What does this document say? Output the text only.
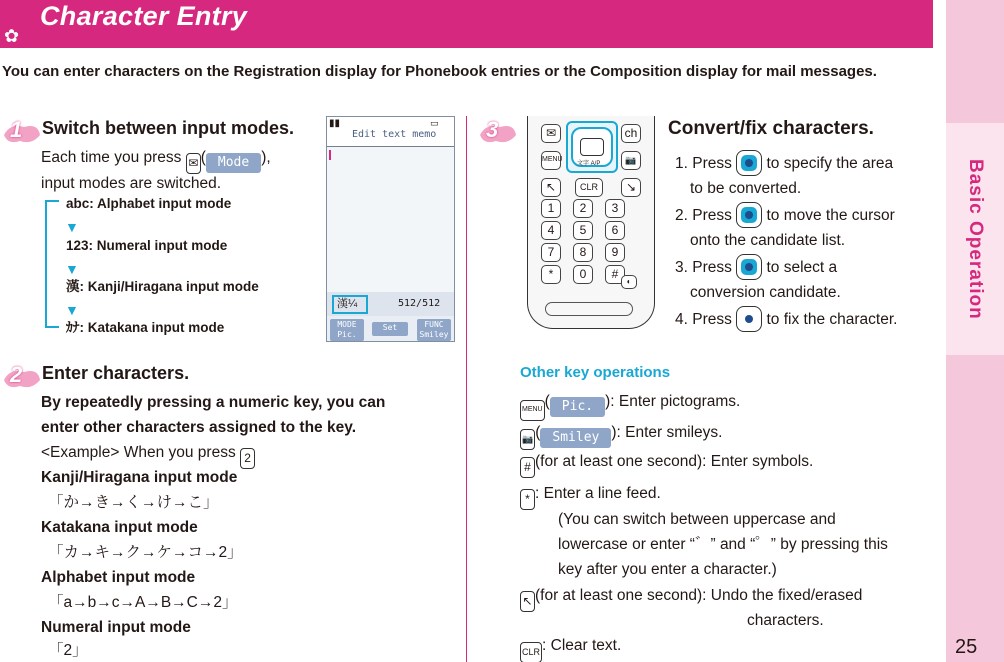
✿
Character Entry
Basic Operation
25
You can enter characters on the Registration display for Phonebook entries or the Composition display for mail messages.
1 Switch between input modes.
Each time you press ✉ ( Mode ),
input modes are switched.
abc: Alphabet input mode
▼
123: Numeral input mode
▼
漢: Kanji/Hiragana input mode
▼
ｶﾅ: Katakana input mode
▮▮	▭
Edit text memo
漢¼	512/512
MODE	Set	FUNC
Pic.	Smiley
2 Enter characters.
By repeatedly pressing a numeric key, you can
enter other characters assigned to the key.
<Example> When you press 2
Kanji/Hiragana input mode
「か→き→く→け→こ」
Katakana input mode
「カ→キ→ク→ケ→コ→2」
Alphabet input mode
「a→b→c→A→B→C→2」
Numeral input mode
「2」
3	✉
MENU
ch
📷
文字 A/P
↖	CLR	↘
1	2	3
4	5	6
7	8	9
*	0	#
◐
Convert/fix characters.
1. Press
to specify the area
to be converted.
2. Press
to move the cursor
onto the candidate list.
3. Press
to select a
conversion candidate.
4. Press
to fix the character.
Other key operations
MENU ( Pic. ): Enter pictograms.
📷 ( Smiley ): Enter smileys.
# (for at least one second): Enter symbols.
* : Enter a line feed.
(You can switch between uppercase and
lowercase or enter “゛” and “゜” by pressing this
key after you enter a character.)
↖ (for at least one second): Undo the fixed/erased
characters.
CLR : Clear text.
